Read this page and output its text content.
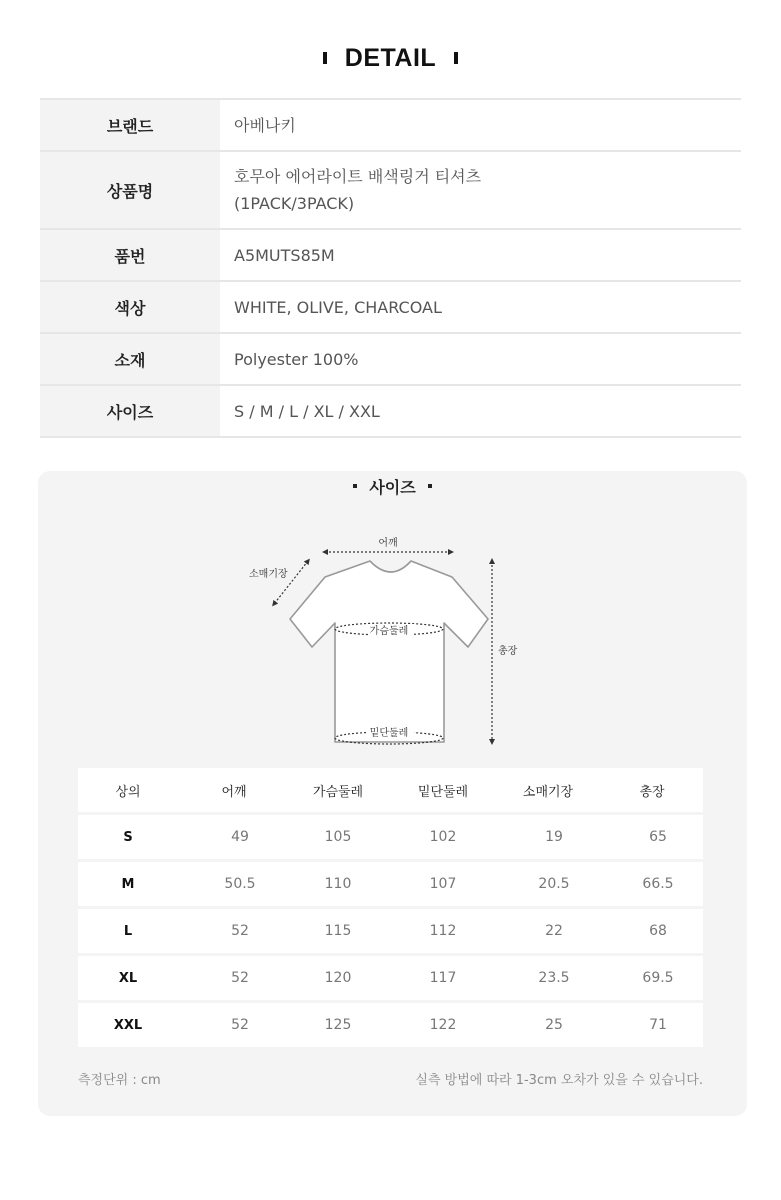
DETAIL
브랜드	아베나키
상품명
호무아 에어라이트 배색링거 티셔츠
(1PACK/3PACK)
품번	A5MUTS85M
색상	WHITE, OLIVE, CHARCOAL
소재	Polyester 100%
사이즈	S / M / L / XL / XXL
사이즈
어깨
소매기장
가슴둘레
밑단둘레
총장
상의	어깨	가슴둘레	밑단둘레	소매기장	총장
S	49	105	102	19	65
M	50.5	110	107	20.5	66.5
L	52	115	112	22	68
XL	52	120	117	23.5	69.5
XXL	52	125	122	25	71
측정단위 : cm	실측 방법에 따라 1-3cm 오차가 있을 수 있습니다.
